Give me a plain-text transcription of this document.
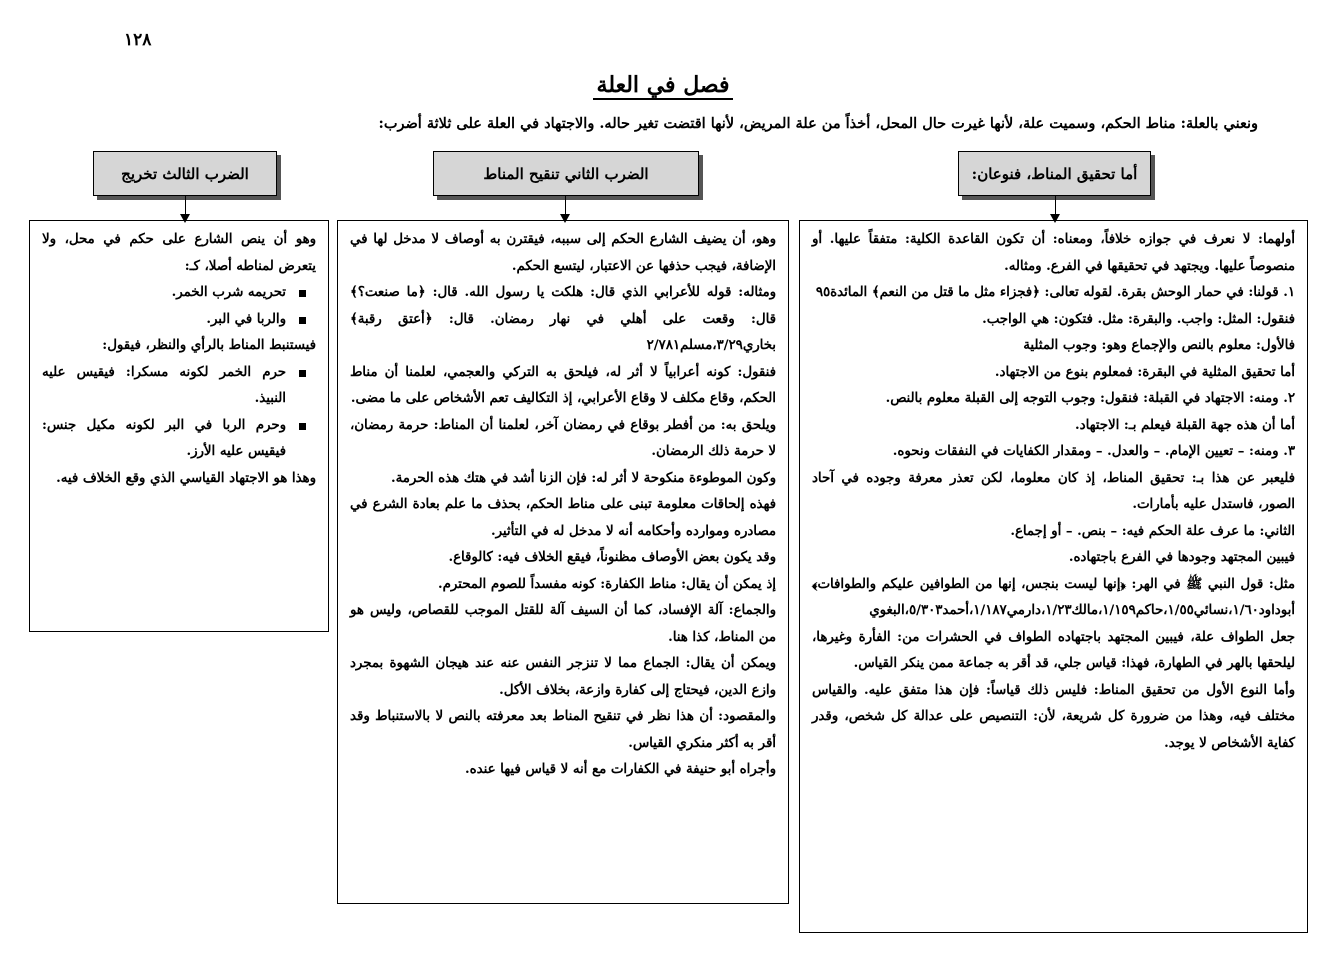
١٢٨
فصل في العلة
ونعني بالعلة: مناط الحكم، وسميت علة، لأنها غيرت حال المحل، أخذاً من علة المريض، لأنها اقتضت تغير حاله. والاجتهاد في العلة على ثلاثة أضرب:
أما تحقيق المناط، فنوعان:
الضرب الثاني تنقيح المناط
الضرب الثالث تخريج

أولهما: لا نعرف في جوازه خلافاً، ومعناه: أن تكون القاعدة الكلية: متفقاً عليها. أو منصوصاً عليها. ويجتهد في تحقيقها في الفرع. ومثاله.

١. قولنا: في حمار الوحش بقرة. لقوله تعالى: ﴿فجزاء مثل ما قتل من النعم﴾ المائدة٩٥

فنقول: المثل: واجب. والبقرة: مثل. فتكون: هي الواجب.

فالأول: معلوم بالنص والإجماع وهو: وجوب المثلية

أما تحقيق المثلية في البقرة: فمعلوم بنوع من الاجتهاد.

٢. ومنه: الاجتهاد في القبلة: فنقول: وجوب التوجه إلى القبلة معلوم بالنص.

أما أن هذه جهة القبلة فيعلم بـ: الاجتهاد.

٣. ومنه: – تعيين الإمام. – والعدل. – ومقدار الكفايات في النفقات ونحوه.

فليعبر عن هذا بـ: تحقيق المناط، إذ كان معلوما، لكن تعذر معرفة وجوده في آحاد الصور، فاستدل عليه بأمارات.

الثاني: ما عرف علة الحكم فيه: – بنص. – أو إجماع.

فيبين المجتهد وجودها في الفرع باجتهاده.

مثل: قول النبي ﷺ في الهر: ﴿إنها ليست بنجس، إنها من الطوافين عليكم والطوافات﴾ أبوداود١/٦٠،نسائي١/٥٥،حاكم١/١٥٩،مالك١/٢٣،دارمي١/١٨٧،أحمد٥/٣٠٣،البغوي

جعل الطواف علة، فيبين المجتهد باجتهاده الطواف في الحشرات من: الفأرة وغيرها، ليلحقها بالهر في الطهارة، فهذا: قياس جلي، قد أقر به جماعة ممن ينكر القياس.

وأما النوع الأول من تحقيق المناط: فليس ذلك قياساً: فإن هذا متفق عليه. والقياس مختلف فيه، وهذا من ضرورة كل شريعة، لأن: التنصيص على عدالة كل شخص، وقدر كفاية الأشخاص لا يوجد.

وهو، أن يضيف الشارع الحكم إلى سببه، فيقترن به أوصاف لا مدخل لها في الإضافة، فيجب حذفها عن الاعتبار، ليتسع الحكم.

ومثاله: قوله للأعرابي الذي قال: هلكت يا رسول الله. قال: ﴿ما صنعت؟﴾ قال: وقعت على أهلي في نهار رمضان. قال: ﴿أعتق رقبة﴾ بخاري٣/٢٩،مسلم٢/٧٨١

فنقول: كونه أعرابياً لا أثر له، فيلحق به التركي والعجمي، لعلمنا أن مناط الحكم، وقاع مكلف لا وقاع الأعرابي، إذ التكاليف تعم الأشخاص على ما مضى.

ويلحق به: من أفطر بوقاع في رمضان آخر، لعلمنا أن المناط: حرمة رمضان، لا حرمة ذلك الرمضان.

وكون الموطوءة منكوحة لا أثر له: فإن الزنا أشد في هتك هذه الحرمة.

فهذه إلحاقات معلومة تبنى على مناط الحكم، بحذف ما علم بعادة الشرع في مصادره وموارده وأحكامه أنه لا مدخل له في التأثير.

وقد يكون بعض الأوصاف مظنوناً، فيقع الخلاف فيه: كالوقاع.

إذ يمكن أن يقال: مناط الكفارة: كونه مفسداً للصوم المحترم.

والجماع: آلة الإفساد، كما أن السيف آلة للقتل الموجب للقصاص، وليس هو من المناط، كذا هنا.

ويمكن أن يقال: الجماع مما لا تنزجر النفس عنه عند هيجان الشهوة بمجرد وازع الدين، فيحتاج إلى كفارة وازعة، بخلاف الأكل.

والمقصود: أن هذا نظر في تنقيح المناط بعد معرفته بالنص لا بالاستنباط وقد أقر به أكثر منكري القياس.

وأجراه أبو حنيفة في الكفارات مع أنه لا قياس فيها عنده.

وهو أن ينص الشارع على حكم في محل، ولا يتعرض لمناطه أصلا، كـ:

تحريمه شرب الخمر.
والربا في البر.

فيستنبط المناط بالرأي والنظر، فيقول:

حرم الخمر لكونه مسكرا: فيقيس عليه النبيذ.
وحرم الربا في البر لكونه مكيل جنس: فيقيس عليه الأرز.

وهذا هو الاجتهاد القياسي الذي وقع الخلاف فيه.
